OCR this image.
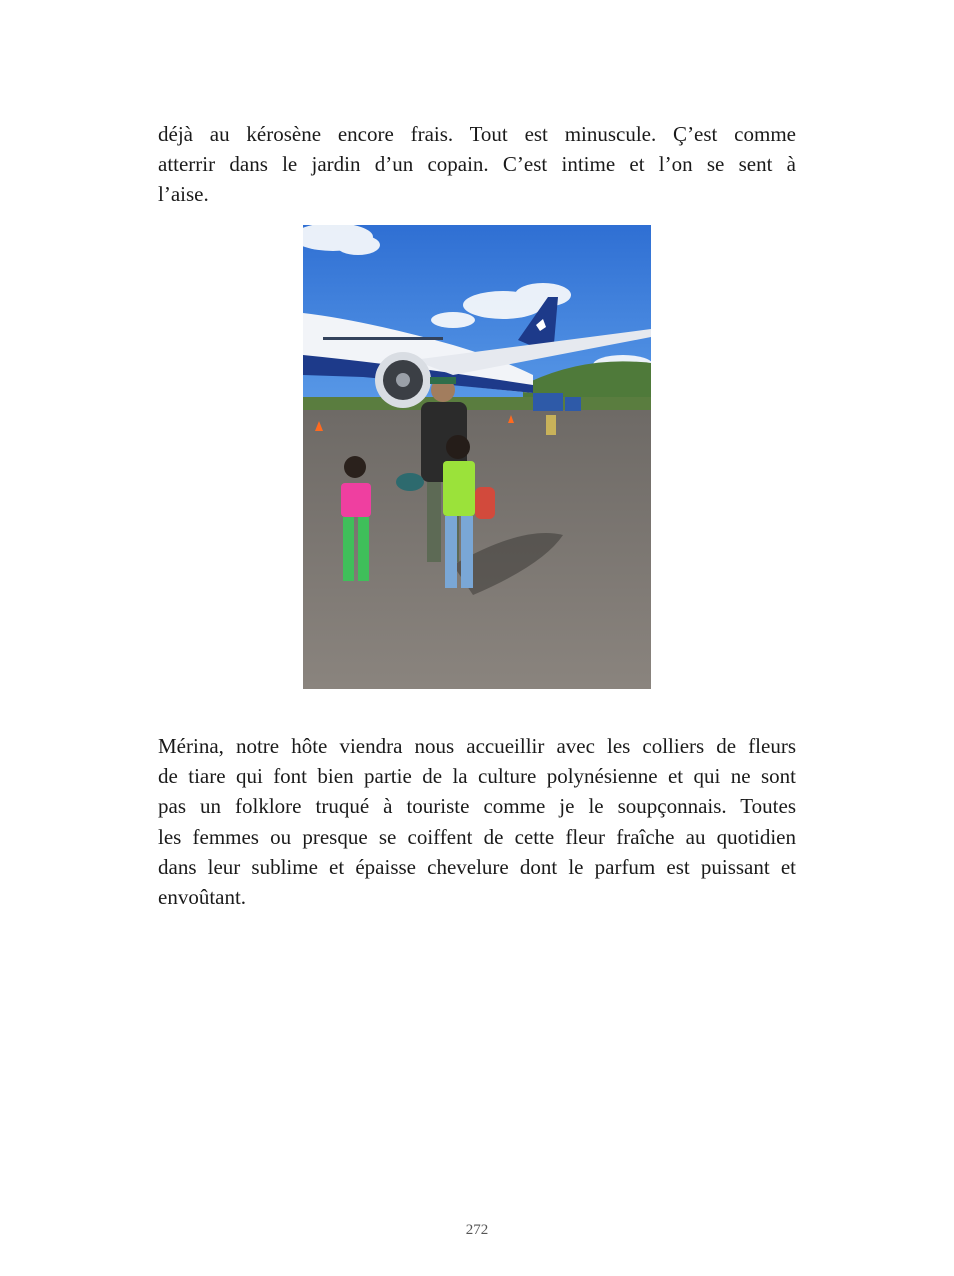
déjà au kérosène encore frais. Tout est minuscule. Ç’est comme
atterrir dans le jardin d’un copain. C’est intime et l’on se sent à
l’aise.

Mérina, notre hôte viendra nous accueillir avec les colliers de fleurs
de tiare qui font bien partie de la culture polynésienne et qui ne sont
pas un folklore truqué à touriste comme je le soupçonnais. Toutes
les femmes ou presque se coiffent de cette fleur fraîche au quotidien
dans leur sublime et épaisse chevelure dont le parfum est puissant et
envoûtant.

272
